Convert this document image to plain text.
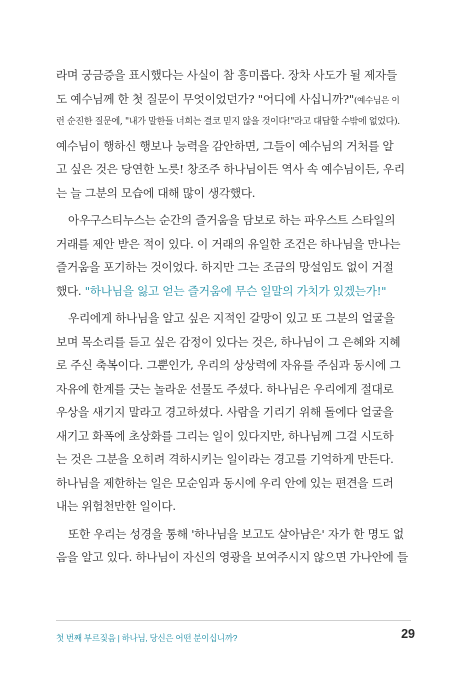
라며 궁금증을 표시했다는 사실이 참 흥미롭다. 장차 사도가 될 제자들
도 예수님께 한 첫 질문이 무엇이었던가? "어디에 사십니까?"(예수님은 이
런 순진한 질문에, "내가 말한들 너희는 결코 믿지 않을 것이다!"라고 대답할 수밖에 없었다).
예수님이 행하신 행보나 능력을 감안하면, 그들이 예수님의 거처를 알
고 싶은 것은 당연한 노릇! 창조주 하나님이든 역사 속 예수님이든, 우리
는 늘 그분의 모습에 대해 많이 생각했다.
아우구스티누스는 순간의 즐거움을 담보로 하는 파우스트 스타일의
거래를 제안 받은 적이 있다. 이 거래의 유일한 조건은 하나님을 만나는
즐거움을 포기하는 것이었다. 하지만 그는 조금의 망설임도 없이 거절
했다. "하나님을 잃고 얻는 즐거움에 무슨 일말의 가치가 있겠는가!"
우리에게 하나님을 알고 싶은 지적인 갈망이 있고 또 그분의 얼굴을
보며 목소리를 듣고 싶은 감정이 있다는 것은, 하나님이 그 은혜와 지혜
로 주신 축복이다. 그뿐인가, 우리의 상상력에 자유를 주심과 동시에 그
자유에 한계를 긋는 놀라운 선물도 주셨다. 하나님은 우리에게 절대로
우상을 새기지 말라고 경고하셨다. 사람을 기리기 위해 돌에다 얼굴을
새기고 화폭에 초상화를 그리는 일이 있다지만, 하나님께 그걸 시도하
는 것은 그분을 오히려 격하시키는 일이라는 경고를 기억하게 만든다.
하나님을 제한하는 일은 모순임과 동시에 우리 안에 있는 편견을 드러
내는 위험천만한 일이다.
또한 우리는 성경을 통해 '하나님을 보고도 살아남은' 자가 한 명도 없
음을 알고 있다. 하나님이 자신의 영광을 보여주시지 않으면 가나안에 들
첫 번째 부르짖음 | 하나님, 당신은 어떤 분이십니까?	29
